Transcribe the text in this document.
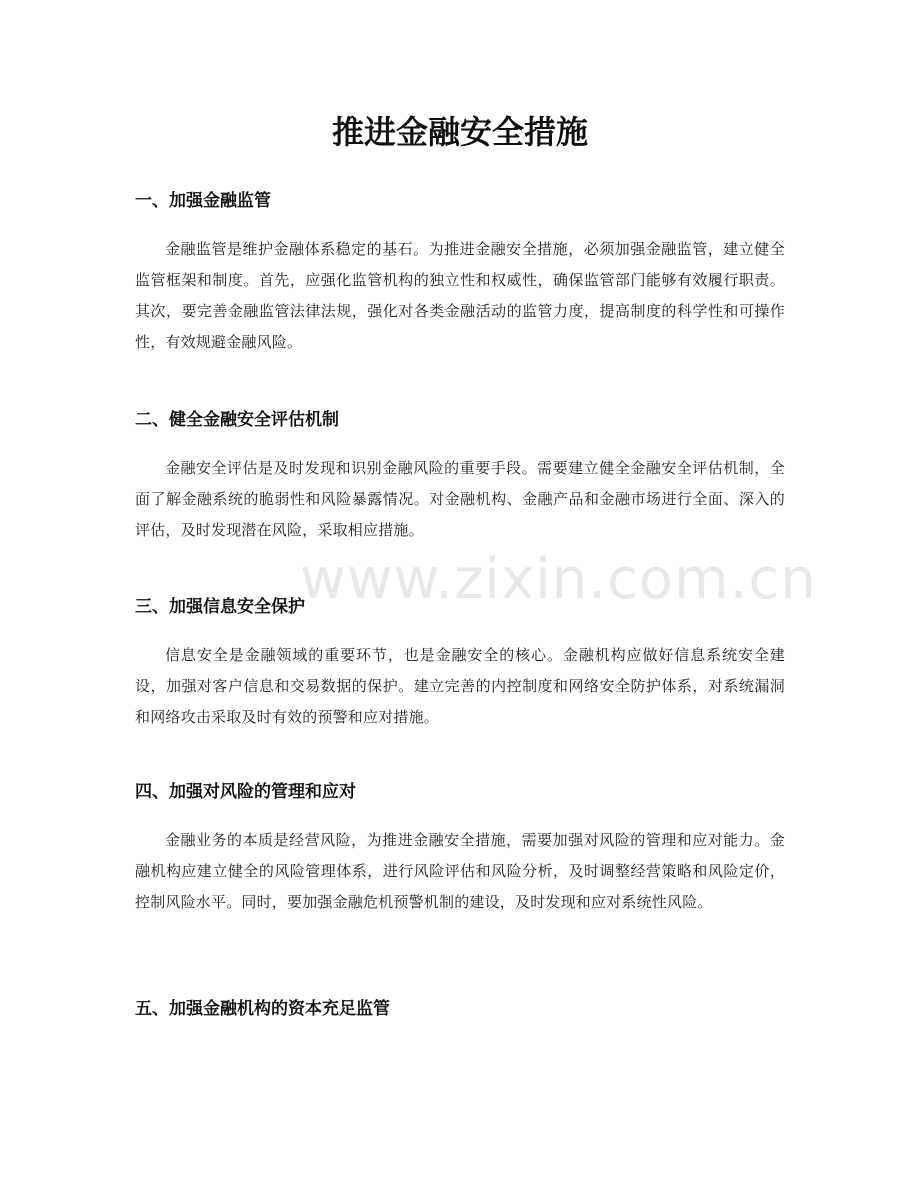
推进金融安全措施
一、加强金融监管

金融监管是维护金融体系稳定的基石。为推进金融安全措施，必须加强金融监管，建立健全监管框架和制度。首先，应强化监管机构的独立性和权威性，确保监管部门能够有效履行职责。其次，要完善金融监管法律法规，强化对各类金融活动的监管力度，提高制度的科学性和可操作性，有效规避金融风险。

二、健全金融安全评估机制

金融安全评估是及时发现和识别金融风险的重要手段。需要建立健全金融安全评估机制，全面了解金融系统的脆弱性和风险暴露情况。对金融机构、金融产品和金融市场进行全面、深入的评估，及时发现潜在风险，采取相应措施。

三、加强信息安全保护

信息安全是金融领域的重要环节，也是金融安全的核心。金融机构应做好信息系统安全建设，加强对客户信息和交易数据的保护。建立完善的内控制度和网络安全防护体系，对系统漏洞和网络攻击采取及时有效的预警和应对措施。

四、加强对风险的管理和应对

金融业务的本质是经营风险，为推进金融安全措施，需要加强对风险的管理和应对能力。金融机构应建立健全的风险管理体系，进行风险评估和风险分析，及时调整经营策略和风险定价，控制风险水平。同时，要加强金融危机预警机制的建设，及时发现和应对系统性风险。

五、加强金融机构的资本充足监管
www.zixin.com.cn
